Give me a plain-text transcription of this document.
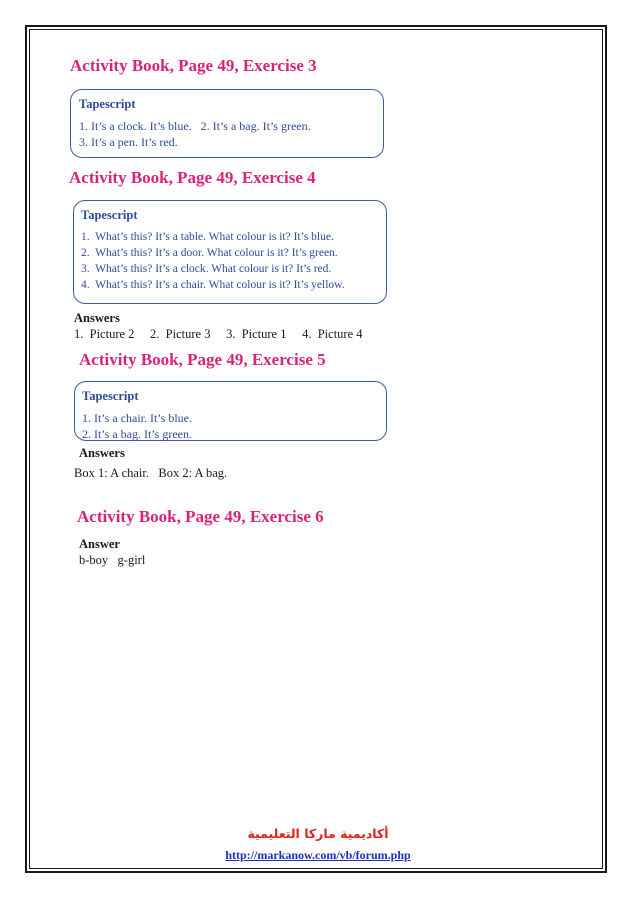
Activity Book, Page 49, Exercise 3
Tapescript
1. It’s a clock. It’s blue.   2. It’s a bag. It’s green.
3. It’s a pen. It’s red.
Activity Book, Page 49, Exercise 4
Tapescript
1.  What’s this? It’s a table. What colour is it? It’s blue.
2.  What’s this? It’s a door. What colour is it? It’s green.
3.  What’s this? It’s a clock. What colour is it? It’s red.
4.  What’s this? It’s a chair. What colour is it? It’s yellow.
Answers
1.  Picture 2     2.  Picture 3     3.  Picture 1     4.  Picture 4
Activity Book, Page 49, Exercise 5
Tapescript
1. It’s a chair. It’s blue.
2. It’s a bag. It’s green.
Answers
Box 1: A chair.   Box 2: A bag.
Activity Book, Page 49, Exercise 6
Answer
b-boy   g-girl
أكاديمية ماركا التعليمية
http://markanow.com/vb/forum.php
